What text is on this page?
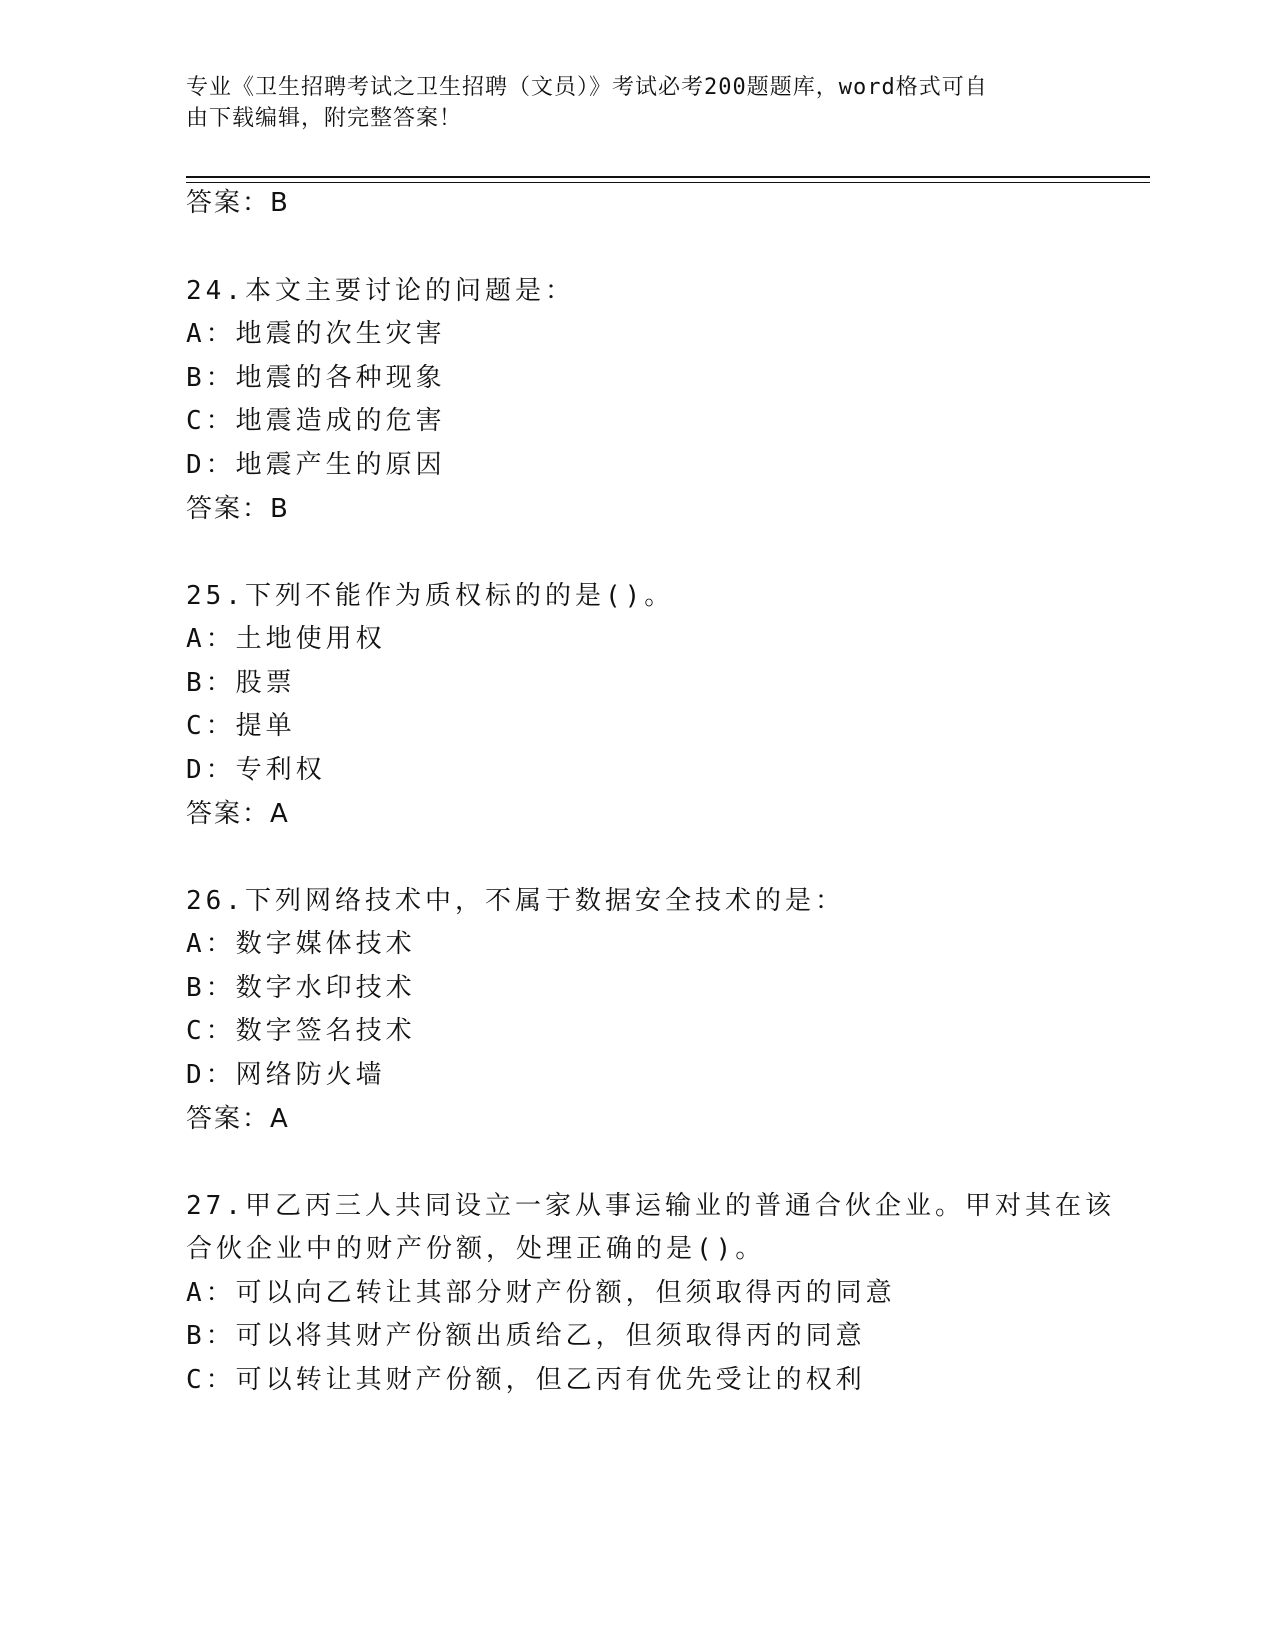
专业《卫生招聘考试之卫生招聘（文员）》考试必考200题题库，word格式可自
由下载编辑，附完整答案！
答案：B
24.本文主要讨论的问题是：
A：地震的次生灾害
B：地震的各种现象
C：地震造成的危害
D：地震产生的原因
答案：B
25.下列不能作为质权标的的是()。
A：土地使用权
B：股票
C：提单
D：专利权
答案：A
26.下列网络技术中，不属于数据安全技术的是：
A：数字媒体技术
B：数字水印技术
C：数字签名技术
D：网络防火墙
答案：A
27.甲乙丙三人共同设立一家从事运输业的普通合伙企业。甲对其在该
合伙企业中的财产份额，处理正确的是()。
A：可以向乙转让其部分财产份额，但须取得丙的同意
B：可以将其财产份额出质给乙，但须取得丙的同意
C：可以转让其财产份额，但乙丙有优先受让的权利
